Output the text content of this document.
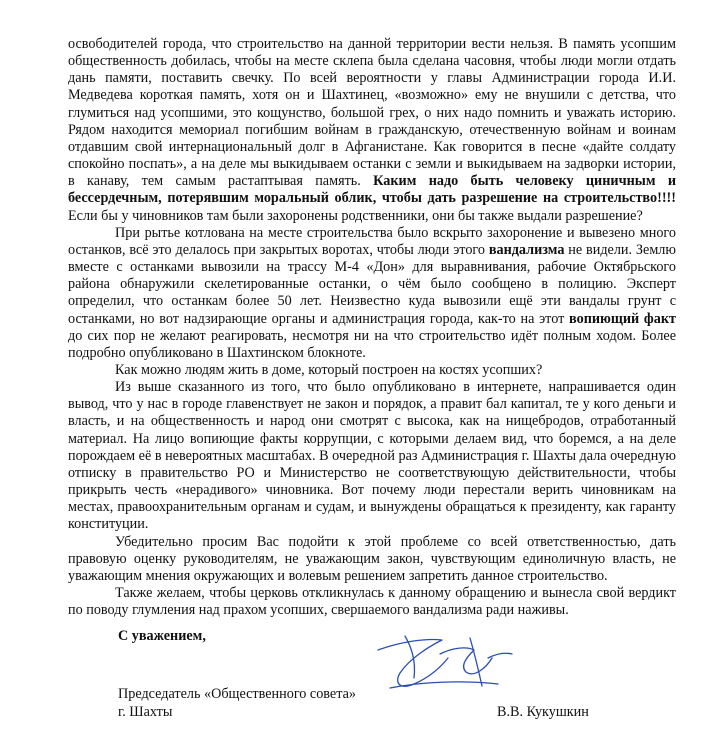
освободителей города, что строительство на данной территории вести нельзя. В память усопшим общественность добилась, чтобы на месте склепа была сделана часовня, чтобы люди могли отдать дань памяти, поставить свечку. По всей вероятности у главы Администрации города И.И. Медведева короткая память, хотя он и Шахтинец, «возможно» ему не внушили с детства, что глумиться над усопшими, это кощунство, большой грех, о них надо помнить и уважать историю. Рядом находится мемориал погибшим войнам в гражданскую, отечественную войнам и воинам отдавшим свой интернациональный долг в Афганистане. Как говорится в песне «дайте солдату спокойно поспать», а на деле мы выкидываем останки с земли и выкидываем на задворки истории, в канаву, тем самым растаптывая память. Каким надо быть человеку циничным и бессердечным, потерявшим моральный облик, чтобы дать разрешение на строительство!!!! Если бы у чиновников там были захоронены родственники, они бы также выдали разрешение?

При рытье котлована на месте строительства было вскрыто захоронение и вывезено много останков, всё это делалось при закрытых воротах, чтобы люди этого вандализма не видели. Землю вместе с останками вывозили на трассу М-4 «Дон» для выравнивания, рабочие Октябрьского района обнаружили скелетированные останки, о чём было сообщено в полицию. Эксперт определил, что останкам более 50 лет. Неизвестно куда вывозили ещё эти вандалы грунт с останками, но вот надзирающие органы и администрация города, как-то на этот вопиющий факт до сих пор не желают реагировать, несмотря ни на что строительство идёт полным ходом. Более подробно опубликовано в Шахтинском блокноте.

Как можно людям жить в доме, который построен на костях усопших?

Из выше сказанного из того, что было опубликовано в интернете, напрашивается один вывод, что у нас в городе главенствует не закон и порядок, а правит бал капитал, те у кого деньги и власть, и на общественность и народ они смотрят с высока, как на нищебродов, отработанный материал. На лицо вопиющие факты коррупции, с которыми делаем вид, что боремся, а на деле порождаем её в невероятных масштабах. В очередной раз Администрация г. Шахты дала очередную отписку в правительство РО и Министерство не соответствующую действительности, чтобы прикрыть честь «нерадивого» чиновника. Вот почему люди перестали верить чиновникам на местах, правоохранительным органам и судам, и вынуждены обращаться к президенту, как гаранту конституции.

Убедительно просим Вас подойти к этой проблеме со всей ответственностью, дать правовую оценку руководителям, не уважающим закон, чувствующим единоличную власть, не уважающим мнения окружающих и волевым решением запретить данное строительство.

Также желаем, чтобы церковь откликнулась к данному обращению и вынесла свой вердикт по поводу глумления над прахом усопших, свершаемого вандализма ради наживы.

С уважением,
Председатель «Общественного совета»
г. Шахты	В.В. Кукушкин
